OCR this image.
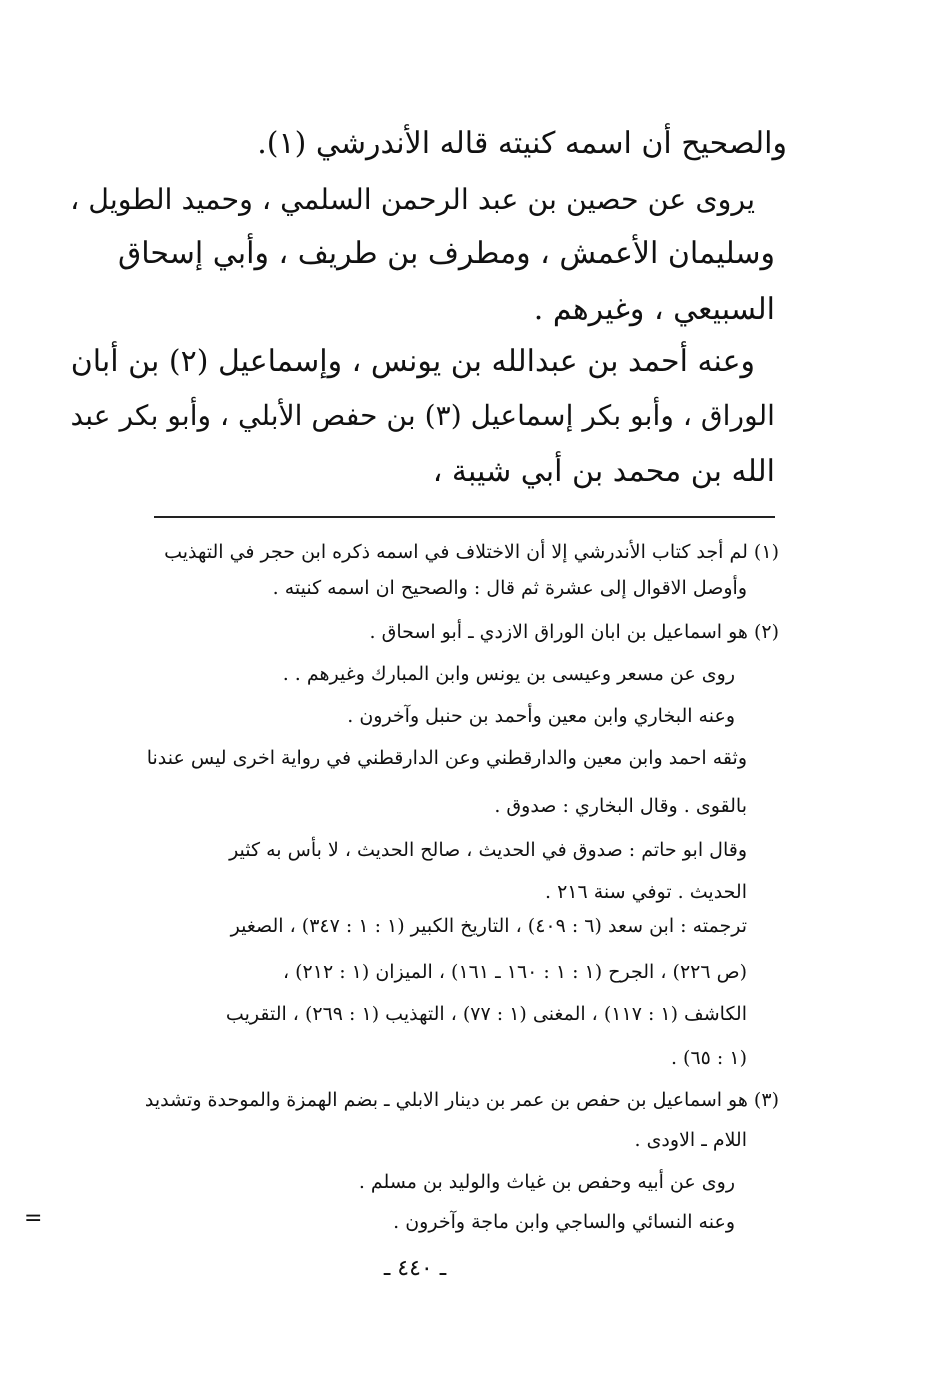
والصحيح أن اسمه كنيته قاله الأندرشي (١).

يروى عن حصين بن عبد الرحمن السلمي ، وحميد الطويل ،

وسليمان الأعمش ، ومطرف بن طريف ، وأبي إسحاق

السبيعي ، وغيرهم .

وعنه أحمد بن عبدالله بن يونس ، وإسماعيل (٢) بن أبان

الوراق ، وأبو بكر إسماعيل (٣) بن حفص الأبلي ، وأبو بكر عبد

الله بن محمد بن أبي شيبة ،

(١) لم أجد كتاب الأندرشي إلا أن الاختلاف في اسمه ذكره ابن حجر في التهذيب

وأوصل الاقوال إلى عشرة ثم قال : والصحيح ان اسمه كنيته .

(٢) هو اسماعيل بن ابان الوراق الازدي ـ أبو اسحاق .

روى عن مسعر وعيسى بن يونس وابن المبارك وغيرهم . .

وعنه البخاري وابن معين وأحمد بن حنبل وآخرون .

وثقه احمد وابن معين والدارقطني وعن الدارقطني في رواية اخرى ليس عندنا

بالقوى . وقال البخاري : صدوق .

وقال ابو حاتم : صدوق في الحديث ، صالح الحديث ، لا بأس به كثير

الحديث . توفي سنة ٢١٦ .

ترجمته : ابن سعد (٦ : ٤٠٩) ، التاريخ الكبير (١ : ١ : ٣٤٧) ، الصغير

(ص ٢٢٦) ، الجرح (١ : ١ : ١٦٠ ـ ١٦١) ، الميزان (١ : ٢١٢) ،

الكاشف (١ : ١١٧) ، المغنى (١ : ٧٧) ، التهذيب (١ : ٢٦٩) ، التقريب

(١ : ٦٥) .

(٣) هو اسماعيل بن حفص بن عمر بن دينار الابلي ـ بضم الهمزة والموحدة وتشديد

اللام ـ الاودى .

روى عن أبيه وحفص بن غياث والوليد بن مسلم .

وعنه النسائي والساجي وابن ماجة وآخرون .

ـ ٤٤٠ ـ
=
